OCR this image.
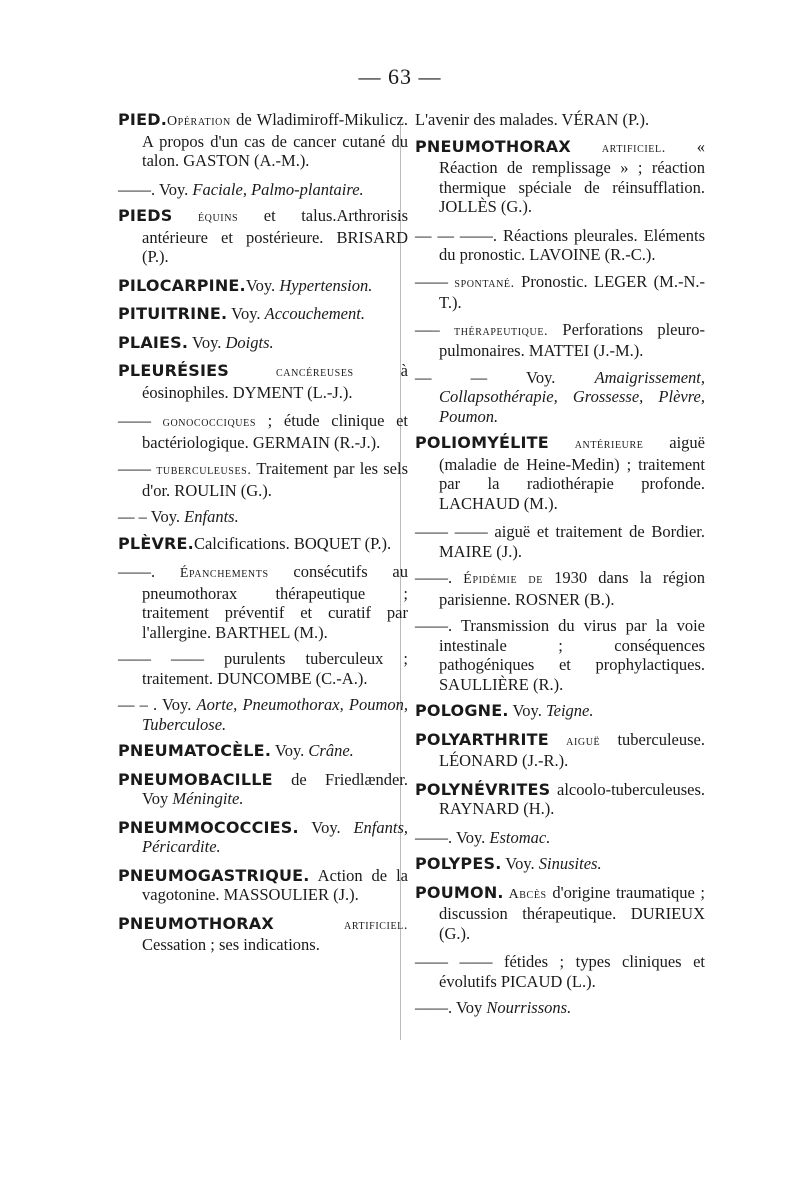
— 63 —

PIED.Opération de Wladimiroff-Mikulicz. A propos d'un cas de cancer cutané du talon. GASTON (A.-M.).

——. Voy. Faciale, Palmo-plantaire.

PIEDS équins et talus.Arthrorisis antérieure et postérieure. BRISARD (P.).

PILOCARPINE.Voy. Hypertension.

PITUITRINE. Voy. Accouchement.

PLAIES. Voy. Doigts.

PLEURÉSIES cancéreuses à éosinophiles. DYMENT (L.-J.).

—— gonococciques ; étude clinique et bactériologique. GERMAIN (R.-J.).

—— tuberculeuses. Traitement par les sels d'or. ROULIN (G.).

— – Voy. Enfants.

PLÈVRE.Calcifications. BOQUET (P.).

——. Épanchements consécutifs au pneumothorax thérapeutique ; traitement préventif et curatif par l'allergine. BARTHEL (M.).

—— —— purulents tuberculeux ; traitement. DUNCOMBE (C.-A.).

— – . Voy. Aorte, Pneumothorax, Poumon, Tuberculose.

PNEUMATOCÈLE. Voy. Crâne.

PNEUMOBACILLE de Friedlænder. Voy Méningite.

PNEUMMOCOCCIES. Voy. Enfants, Péricardite.

PNEUMOGASTRIQUE. Action de la vagotonine. MASSOULIER (J.).

PNEUMOTHORAX artificiel. Cessation ; ses indications.

L'avenir des malades. VÉRAN (P.).

PNEUMOTHORAX artificiel. « Réaction de remplissage » ; réaction thermique spéciale de réinsufflation. JOLLÈS (G.).

— — ——. Réactions pleurales. Eléments du pronostic. LAVOINE (R.-C.).

—— spontané. Pronostic. LEGER (M.-N.-T.).

—– thérapeutique. Perforations pleuro-pulmonaires. MATTEI (J.-M.).

— — Voy. Amaigrissement, Collapsothérapie, Grossesse, Plèvre, Poumon.

POLIOMYÉLITE antérieure aiguë (maladie de Heine-Medin) ; traitement par la radiothérapie profonde. LACHAUD (M.).

—— —— aiguë et traitement de Bordier. MAIRE (J.).

——. Épidémie de 1930 dans la région parisienne. ROSNER (B.).

——. Transmission du virus par la voie intestinale ; conséquences pathogéniques et prophylactiques. SAULLIÈRE (R.).

POLOGNE. Voy. Teigne.

POLYARTHRITE aiguë tuberculeuse. LÉONARD (J.-R.).

POLYNÉVRITES alcoolo-tuberculeuses. RAYNARD (H.).

——. Voy. Estomac.

POLYPES. Voy. Sinusites.

POUMON. Abcès d'origine traumatique ; discussion thérapeutique. DURIEUX (G.).

—— —— fétides ; types cliniques et évolutifs PICAUD (L.).

——. Voy Nourrissons.
